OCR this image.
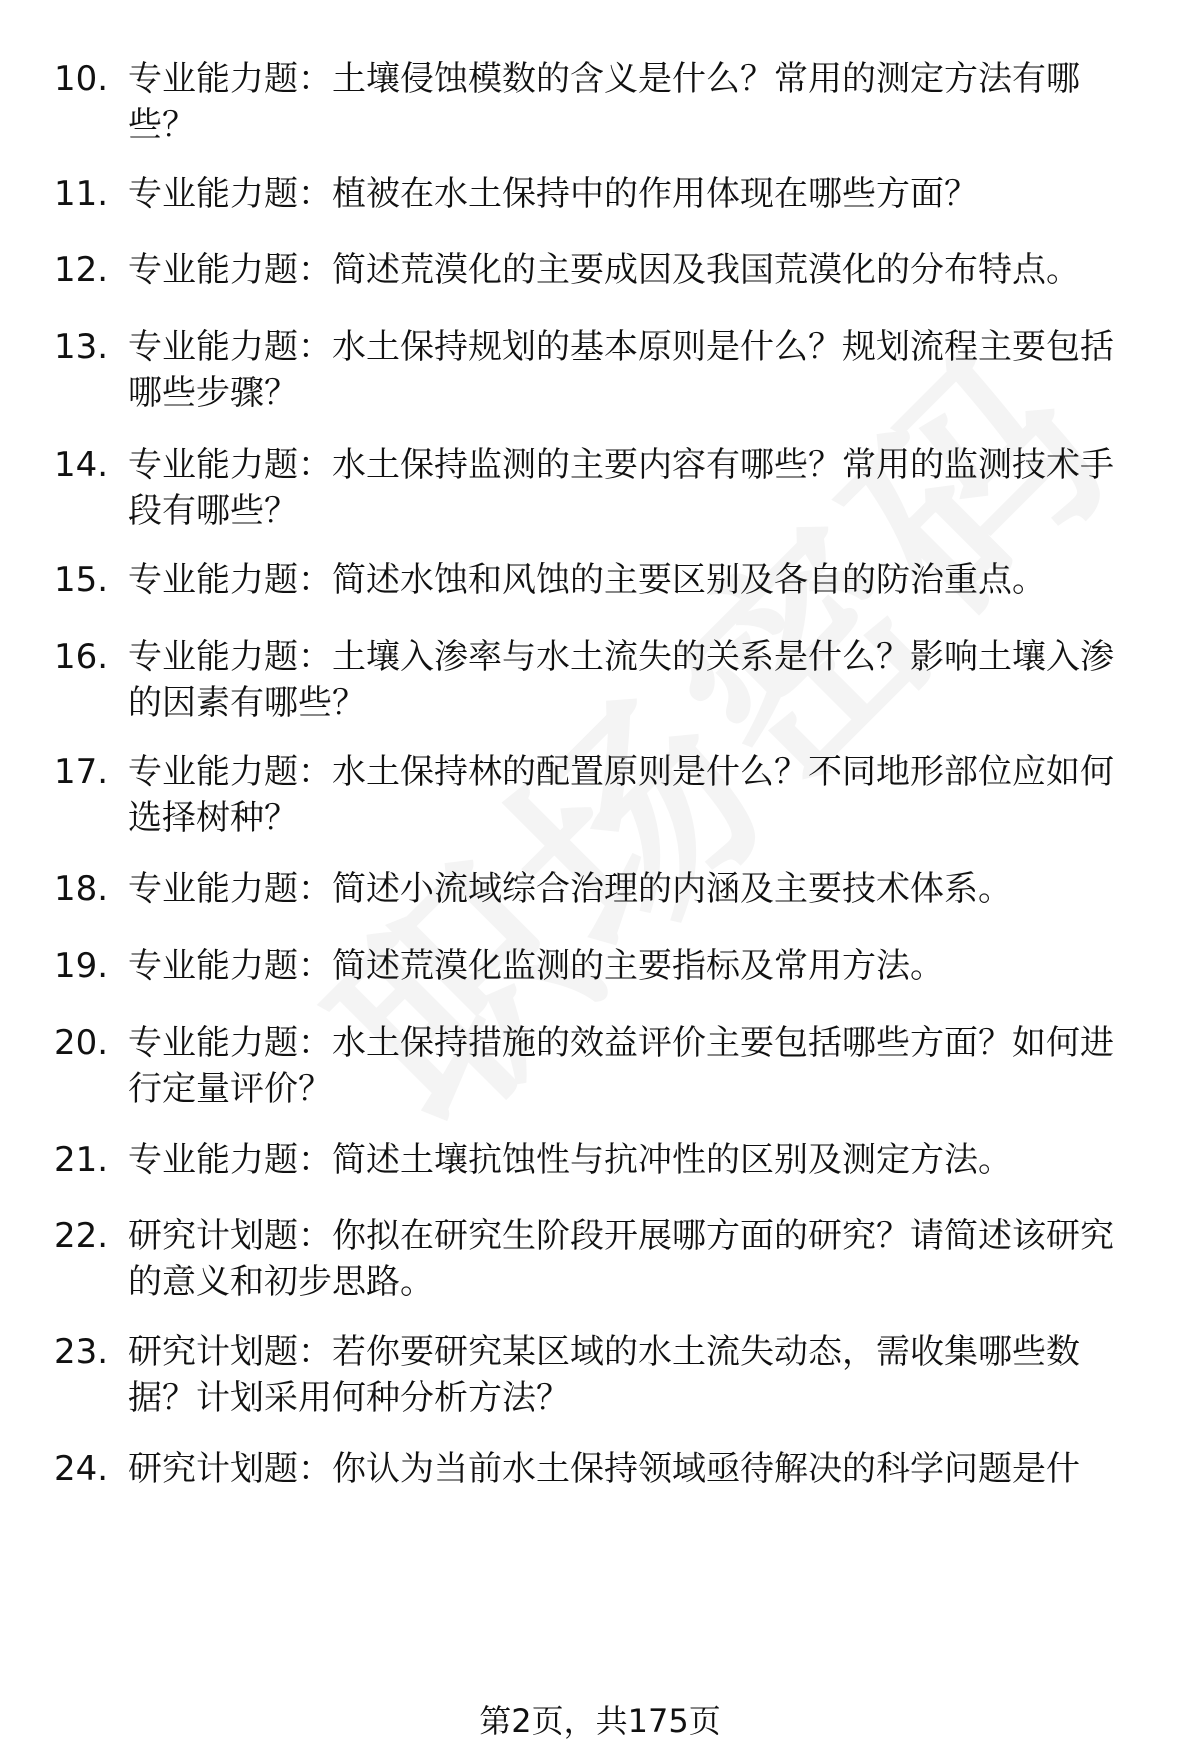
10. 专业能力题：土壤侵蚀模数的含义是什么？常用的测定方法有哪些？
11. 专业能力题：植被在水土保持中的作用体现在哪些方面？
12. 专业能力题：简述荒漠化的主要成因及我国荒漠化的分布特点。
13. 专业能力题：水土保持规划的基本原则是什么？规划流程主要包括哪些步骤？
14. 专业能力题：水土保持监测的主要内容有哪些？常用的监测技术手段有哪些？
15. 专业能力题：简述水蚀和风蚀的主要区别及各自的防治重点。
16. 专业能力题：土壤入渗率与水土流失的关系是什么？影响土壤入渗的因素有哪些？
17. 专业能力题：水土保持林的配置原则是什么？不同地形部位应如何选择树种？
18. 专业能力题：简述小流域综合治理的内涵及主要技术体系。
19. 专业能力题：简述荒漠化监测的主要指标及常用方法。
20. 专业能力题：水土保持措施的效益评价主要包括哪些方面？如何进行定量评价？
21. 专业能力题：简述土壤抗蚀性与抗冲性的区别及测定方法。
22. 研究计划题：你拟在研究生阶段开展哪方面的研究？请简述该研究的意义和初步思路。
23. 研究计划题：若你要研究某区域的水土流失动态，需收集哪些数据？计划采用何种分析方法？
24. 研究计划题：你认为当前水土保持领域亟待解决的科学问题是什
第2页，共175页
